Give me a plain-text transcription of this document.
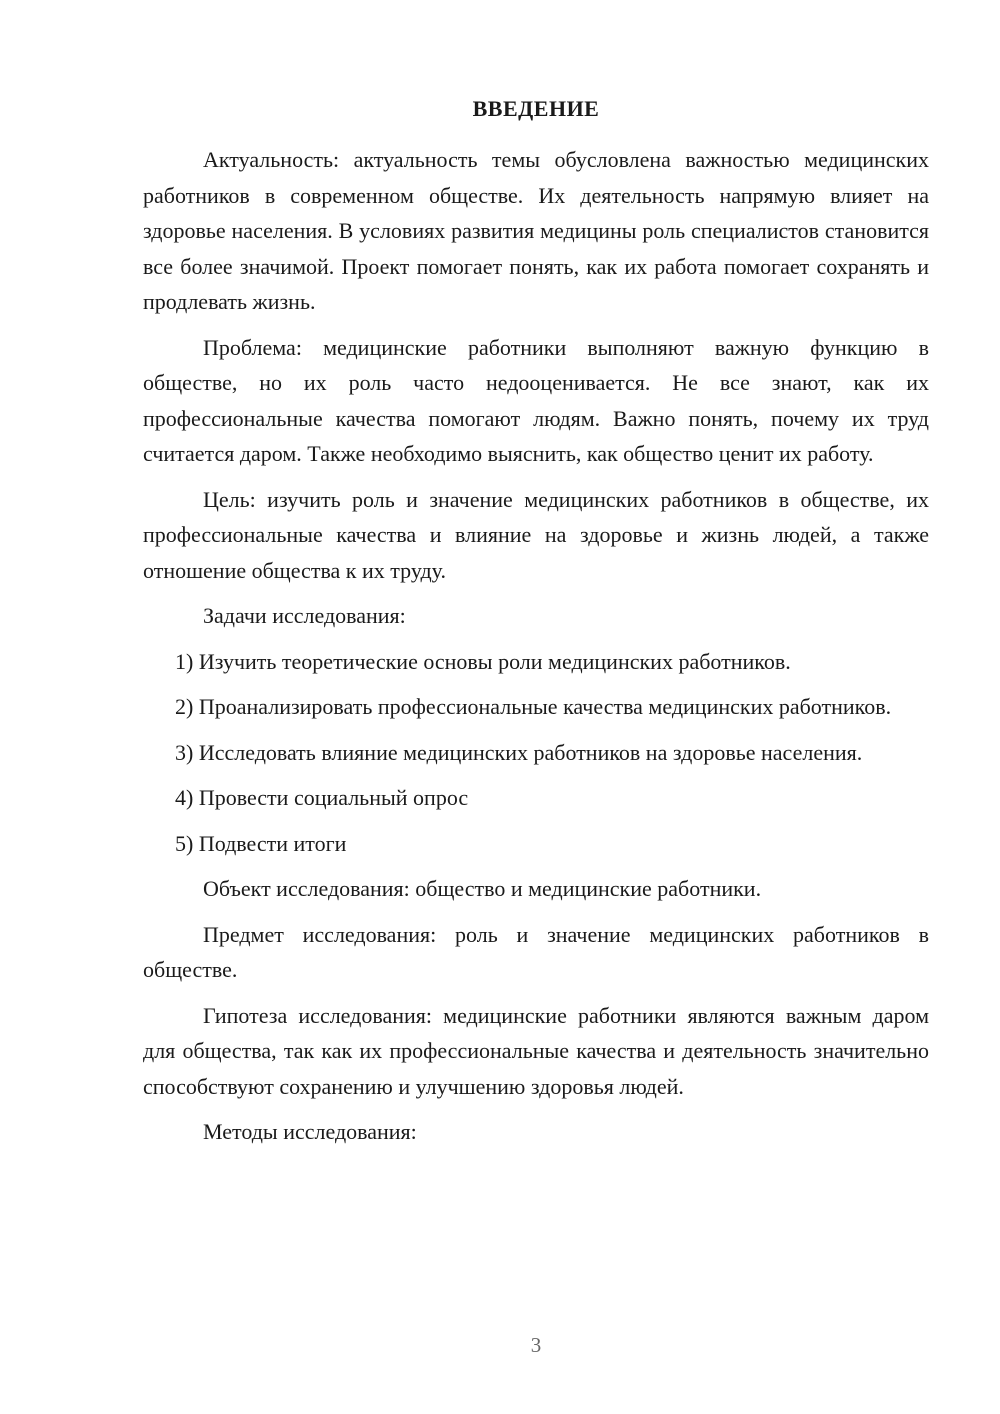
ВВЕДЕНИЕ

Актуальность: актуальность темы обусловлена важностью медицинских работников в современном обществе. Их деятельность напрямую влияет на здоровье населения. В условиях развития медицины роль специалистов становится все более значимой. Проект помогает понять, как их работа помогает сохранять и продлевать жизнь.

Проблема: медицинские работники выполняют важную функцию в обществе, но их роль часто недооценивается. Не все знают, как их профессиональные качества помогают людям. Важно понять, почему их труд считается даром. Также необходимо выяснить, как общество ценит их работу.

Цель: изучить роль и значение медицинских работников в обществе, их профессиональные качества и влияние на здоровье и жизнь людей, а также отношение общества к их труду.

Задачи исследования:

1) Изучить теоретические основы роли медицинских работников.

2) Проанализировать профессиональные качества медицинских работников.

3) Исследовать влияние медицинских работников на здоровье населения.

4) Провести социальный опрос

5) Подвести итоги

Объект исследования: общество и медицинские работники.

Предмет исследования: роль и значение медицинских работников в обществе.

Гипотеза исследования: медицинские работники являются важным даром для общества, так как их профессиональные качества и деятельность значительно способствуют сохранению и улучшению здоровья людей.

Методы исследования:

3
